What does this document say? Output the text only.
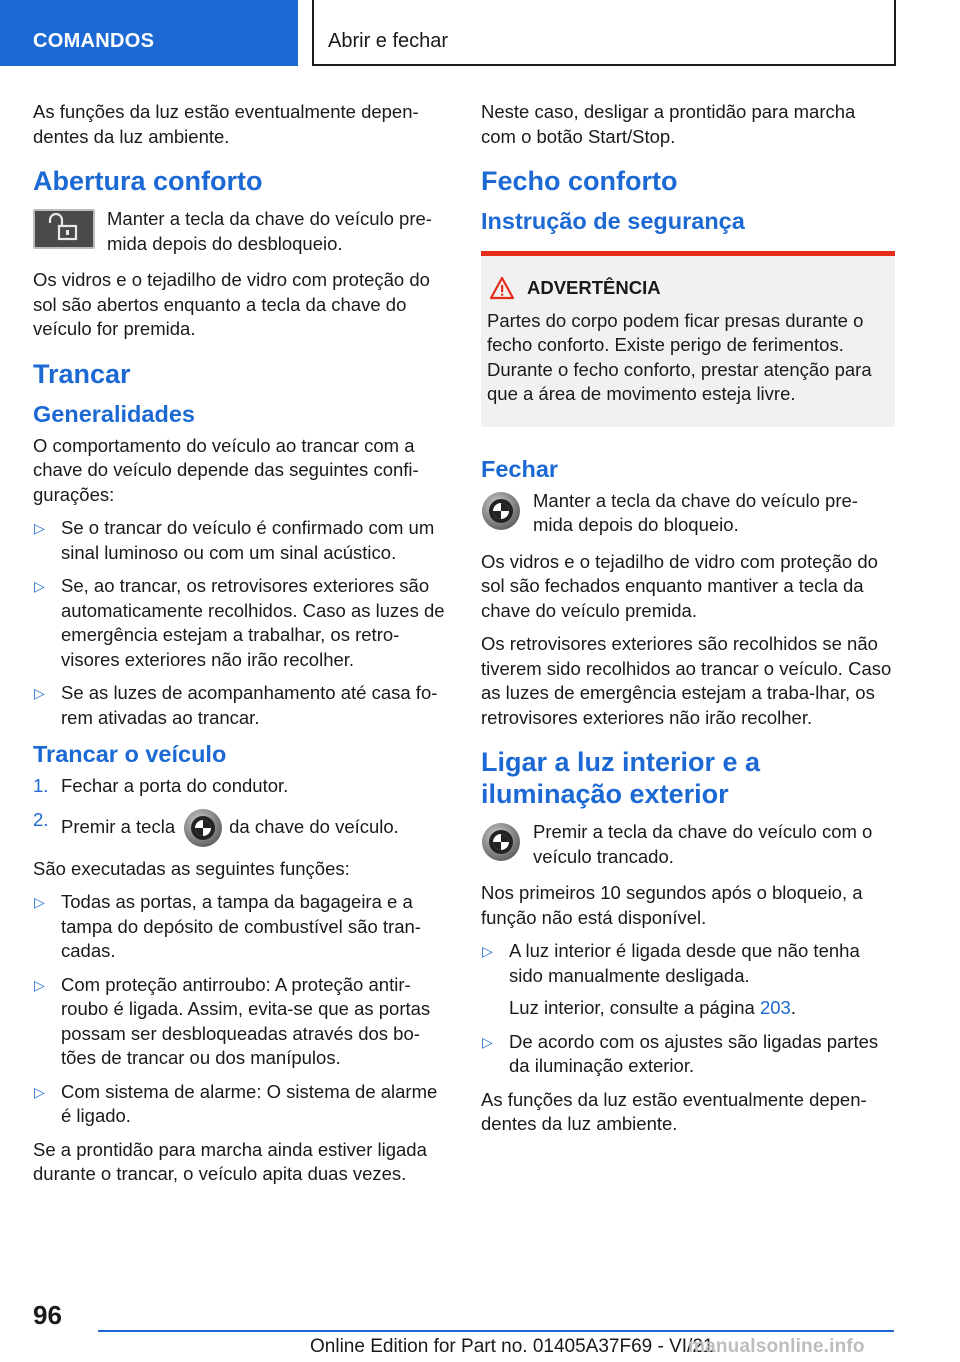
COMANDOS	Abrir e fechar

As funções da luz estão eventualmente depen-dentes da luz ambiente.

Abertura conforto
Manter a tecla da chave do veículo pre-mida depois do desbloqueio.

Os vidros e o tejadilho de vidro com proteção do sol são abertos enquanto a tecla da chave do veículo for premida.

Trancar
Generalidades

O comportamento do veículo ao trancar com a chave do veículo depende das seguintes confi-gurações:

▷ Se o trancar do veículo é confirmado com um sinal luminoso ou com um sinal acústico.
▷ Se, ao trancar, os retrovisores exteriores são automaticamente recolhidos. Caso as luzes de emergência estejam a trabalhar, os retro-visores exteriores não irão recolher.
▷ Se as luzes de acompanhamento até casa fo-rem ativadas ao trancar.
Trancar o veículo
1. Fechar a porta do condutor.
2. Premir a tecla	da chave do veículo.

São executadas as seguintes funções:

▷ Todas as portas, a tampa da bagageira e a tampa do depósito de combustível são tran-cadas.
▷ Com proteção antirroubo: A proteção antir-roubo é ligada. Assim, evita-se que as portas possam ser desbloqueadas através dos bo-tões de trancar ou dos manípulos.
▷ Com sistema de alarme: O sistema de alarme é ligado.

Se a prontidão para marcha ainda estiver ligada durante o trancar, o veículo apita duas vezes.

Neste caso, desligar a prontidão para marcha com o botão Start/Stop.

Fecho conforto
Instrução de segurança
ADVERTÊNCIA
Partes do corpo podem ficar presas durante o fecho conforto. Existe perigo de ferimentos. Durante o fecho conforto, prestar atenção para que a área de movimento esteja livre.
Fechar
Manter a tecla da chave do veículo pre-mida depois do bloqueio.

Os vidros e o tejadilho de vidro com proteção do sol são fechados enquanto mantiver a tecla da chave do veículo premida.

Os retrovisores exteriores são recolhidos se não tiverem sido recolhidos ao trancar o veículo. Caso as luzes de emergência estejam a traba-lhar, os retrovisores exteriores não irão recolher.

Ligar a luz interior e a iluminação exterior
Premir a tecla da chave do veículo com o veículo trancado.

Nos primeiros 10 segundos após o bloqueio, a função não está disponível.

▷ A luz interior é ligada desde que não tenha sido manualmente desligada.
Luz interior, consulte a página 203.
▷ De acordo com os ajustes são ligadas partes da iluminação exterior.

As funções da luz estão eventualmente depen-dentes da luz ambiente.

96
Online Edition for Part no. 01405A37F69 - VI/21
manualsonline.info
